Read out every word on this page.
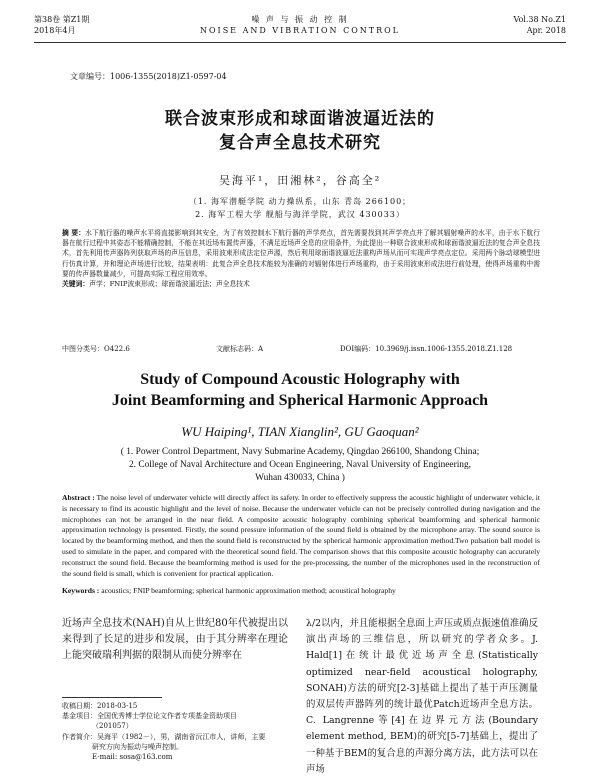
第38卷 第Z1期
2018年4月
噪 声 与 振 动 控 制
NOISE AND VIBRATION CONTROL
Vol.38 No.Z1
Apr. 2018
文章编号：1006-1355(2018)Z1-0597-04
联合波束形成和球面谐波逼近法的
复合声全息技术研究
吴海平¹，田湘林²，谷高全²
（1. 海军潜艇学院 动力操纵系，山东 青岛 266100；
2. 海军工程大学 舰船与海洋学院，武汉 430033）
摘 要：水下航行器的噪声水平将直接影响到其安全，为了有效控制水下航行器的声学亮点，首先需要找到其声学亮点并了解其辐射噪声的水平，由于水下航行器在航行过程中其姿态不能精确控制，不能在其近场布置传声器，不满足近场声全息的应用条件，为此提出一种联合波束形成和球面谐波逼近法的复合声全息技术，首先利用传声器阵列获取声场的声压信息，采用波束形成法定位声源，然后利用球面谐波逼近法重构声场从而可实现声学亮点定位。采用两个脉动球模型进行仿真计算，并和理论声场进行比较，结果表明：此复合声全息技术能较为准确的对辐射体进行声场重构，由于采用波束形成法进行前处理，使得声场重构中需要的传声器数量减少，可提高实际工程应用效率。
关键词：声学；FNIP波束形成；球面谐波逼近法；声全息技术
中图分类号：O422.6	文献标志码：A	DOI编码：10.3969/j.issn.1006-1355.2018.Z1.128
Study of Compound Acoustic Holography with
Joint Beamforming and Spherical Harmonic Approach
WU Haiping¹, TIAN Xianglin², GU Gaoquan²
( 1. Power Control Department, Navy Submarine Academy, Qingdao 266100, Shandong China;
2. College of Naval Architecture and Ocean Engineering, Naval University of Engineering,
Wuhan 430033, China )
Abstract : The noise level of underwater vehicle will directly affect its safety. In order to effectively suppress the acoustic highlight of underwater vehicle, it is necessary to find its acoustic highlight and the level of noise. Because the underwater vehicle can not be precisely controlled during navigation and the microphones can not be arranged in the near field. A composite acoustic holography combining spherical beamforming and spherical harmonic approximation technology is presented. Firstly, the sound pressure information of the sound field is obtained by the microphone array. The sound source is located by the beamforming method, and then the sound field is reconstructed by the spherical harmonic approximation method.Two pulsation ball model is used to simulate in the paper, and compared with the theoretical sound field. The comparison shows that this composite acoustic holography can accurately reconstruct the sound field. Because the beamforming method is used for the pre-processing, the number of the microphones used in the reconstruction of the sound field is small, which is convenient for practical application.
Keywords : acoustics; FNIP beamforming; spherical harmonic approximation method; acoustical holography
近场声全息技术(NAH)自从上世纪80年代被提出以来得到了长足的进步和发展，由于其分辨率在理论上能突破瑞利判据的限制从而使分辨率在
λ/2以内，并且能根据全息面上声压或质点振速值准确反演出声场的三维信息，所以研究的学者众多。J. Hald[1]在统计最优近场声全息(Statistically optimized near-field acoustical holography, SONAH)方法的研究[2-3]基础上提出了基于声压测量的双层传声器阵列的统计最优Patch近场声全息方法。C. Langrenne等[4]在边界元方法(Boundary element method, BEM)的研究[5-7]基础上，提出了一种基于BEM的复合息的声源分离方法，此方法可以在声场
收稿日期：2018-03-15
基金项目：全国优秀博士学位论文作者专项基金资助项目
（201057）
作者简介：吴海平（1982－），男，湖南省沅江市人，讲师，主要
研究方向为振动与噪声控制。
E-mail: sosa@163.com
